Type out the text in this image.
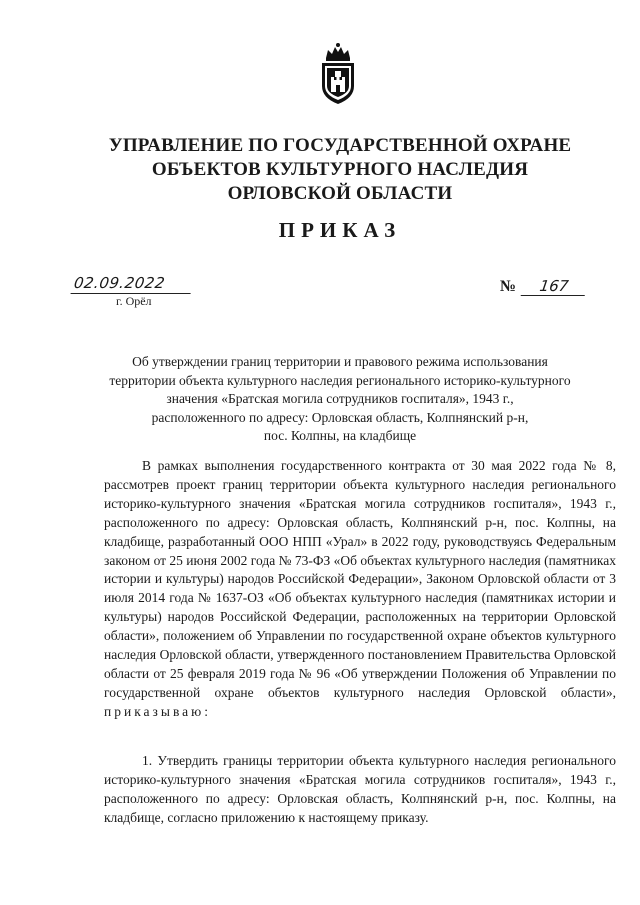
УПРАВЛЕНИЕ ПО ГОСУДАРСТВЕННОЙ ОХРАНЕ
ОБЪЕКТОВ КУЛЬТУРНОГО НАСЛЕДИЯ
ОРЛОВСКОЙ ОБЛАСТИ
ПРИКАЗ
02.09.2022
г. Орёл
№ 167
Об утверждении границ территории и правового режима использования
территории объекта культурного наследия регионального историко-культурного
значения «Братская могила сотрудников госпиталя», 1943 г.,
расположенного по адресу: Орловская область, Колпнянский р-н,
пос. Колпны, на кладбище

В рамках выполнения государственного контракта от 30 мая 2022 года № 8, рассмотрев проект границ территории объекта культурного наследия регионального историко-культурного значения «Братская могила сотрудников госпиталя», 1943 г., расположенного по адресу: Орловская область, Колпнянский р-н, пос. Колпны, на кладбище, разработанный ООО НПП «Урал» в 2022 году, руководствуясь Федеральным законом от 25 июня 2002 года № 73-ФЗ «Об объектах культурного наследия (памятниках истории и культуры) народов Российской Федерации», Законом Орловской области от 3 июля 2014 года № 1637-ОЗ «Об объектах культурного наследия (памятниках истории и культуры) народов Российской Федерации, расположенных на территории Орловской области», положением об Управлении по государственной охране объектов культурного наследия Орловской области, утвержденного постановлением Правительства Орловской области от 25 февраля 2019 года № 96 «Об утверждении Положения об Управлении по государственной охране объектов культурного наследия Орловской области», приказываю:

1. Утвердить границы территории объекта культурного наследия регионального историко-культурного значения «Братская могила сотрудников госпиталя», 1943 г., расположенного по адресу: Орловская область, Колпнянский р-н, пос. Колпны, на кладбище, согласно приложению к настоящему приказу.
